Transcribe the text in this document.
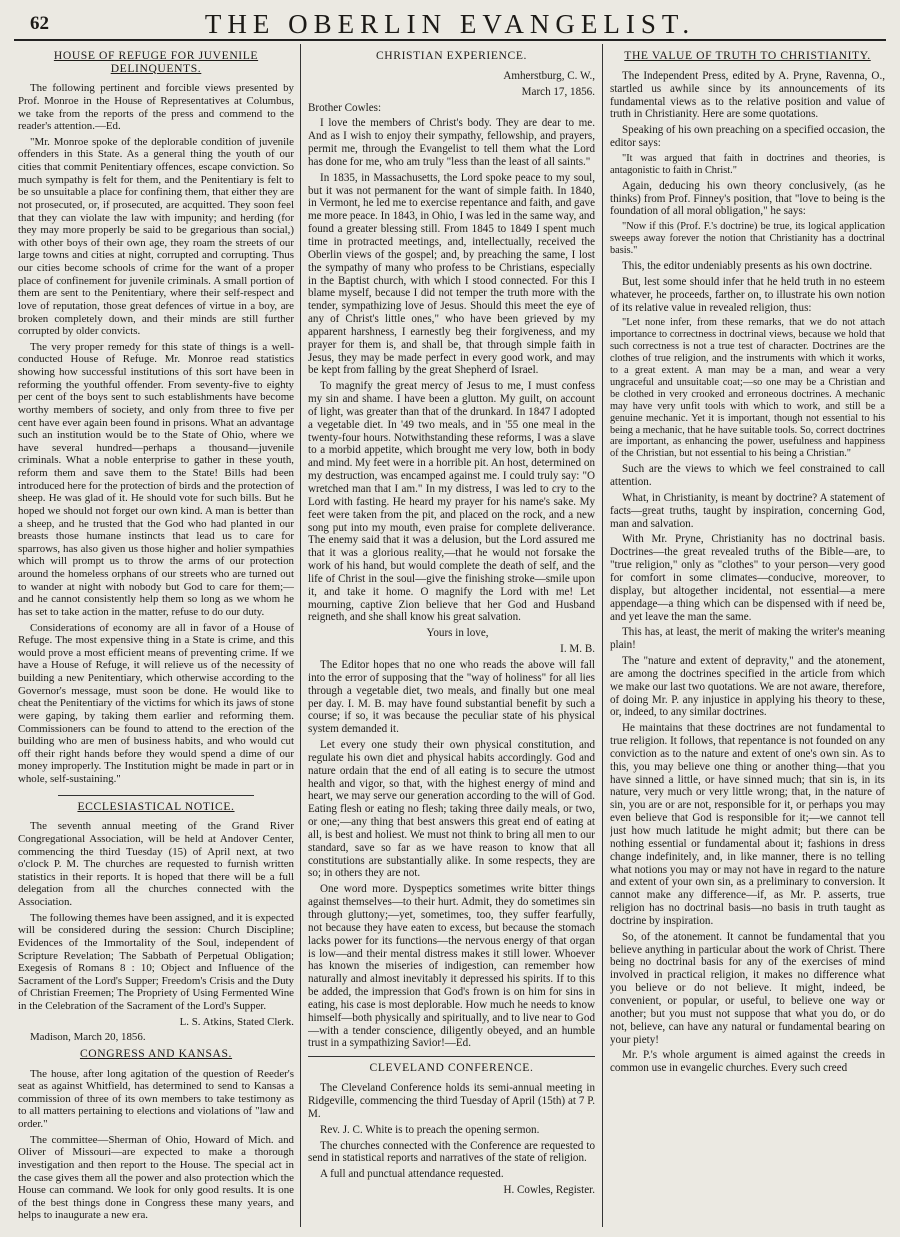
62	THE OBERLIN EVANGELIST.
HOUSE OF REFUGE FOR JUVENILE DELINQUENTS.

The following pertinent and forcible views presented by Prof. Monroe in the House of Representatives at Columbus, we take from the reports of the press and commend to the reader's attention.—Ed.

"Mr. Monroe spoke of the deplorable condition of juvenile offenders in this State. As a general thing the youth of our cities that commit Penitentiary offences, escape conviction. So much sympathy is felt for them, and the Penitentiary is felt to be so unsuitable a place for confining them, that either they are not prosecuted, or, if prosecuted, are acquitted. They soon feel that they can violate the law with impunity; and herding (for they may more properly be said to be gregarious than social,) with other boys of their own age, they roam the streets of our large towns and cities at night, corrupted and corrupting. Thus our cities become schools of crime for the want of a proper place of confinement for juvenile criminals. A small portion of them are sent to the Penitentiary, where their self-respect and love of reputation, those great defences of virtue in a boy, are broken completely down, and their minds are still further corrupted by older convicts.

The very proper remedy for this state of things is a well-conducted House of Refuge. Mr. Monroe read statistics showing how successful institutions of this sort have been in reforming the youthful offender. From seventy-five to eighty per cent of the boys sent to such establishments have become worthy members of society, and only from three to five per cent have ever again been found in prisons. What an advantage such an institution would be to the State of Ohio, where we have several hundred—perhaps a thousand—juvenile criminals. What a noble enterprise to gather in these youth, reform them and save them to the State! Bills had been introduced here for the protection of birds and the protection of sheep. He was glad of it. He should vote for such bills. But he hoped we should not forget our own kind. A man is better than a sheep, and he trusted that the God who had planted in our breasts those humane instincts that lead us to care for sparrows, has also given us those higher and holier sympathies which will prompt us to throw the arms of our protection around the homeless orphans of our streets who are turned out to wander at night with nobody but God to care for them;—and he cannot consistently help them so long as we whom he has set to take action in the matter, refuse to do our duty.

Considerations of economy are all in favor of a House of Refuge. The most expensive thing in a State is crime, and this would prove a most efficient means of preventing crime. If we have a House of Refuge, it will relieve us of the necessity of building a new Penitentiary, which otherwise according to the Governor's message, must soon be done. He would like to cheat the Penitentiary of the victims for which its jaws of stone were gaping, by taking them earlier and reforming them. Commissioners can be found to attend to the erection of the building who are men of business habits, and who would cut off their right hands before they would spend a dime of our money improperly. The Institution might be made in part or in whole, self-sustaining."

ECCLESIASTICAL NOTICE.

The seventh annual meeting of the Grand River Congregational Association, will be held at Andover Center, commencing the third Tuesday (15) of April next, at two o'clock P. M. The churches are requested to furnish written statistics in their reports. It is hoped that there will be a full delegation from all the churches connected with the Association.

The following themes have been assigned, and it is expected will be considered during the session: Church Discipline; Evidences of the Immortality of the Soul, independent of Scripture Revelation; The Sabbath of Perpetual Obligation; Exegesis of Romans 8 : 10; Object and Influence of the Sacrament of the Lord's Supper; Freedom's Crisis and the Duty of Christian Freemen; The Propriety of Using Fermented Wine in the Celebration of the Sacrament of the Lord's Supper.

L. S. Atkins, Stated Clerk.

Madison, March 20, 1856.

CONGRESS AND KANSAS.

The house, after long agitation of the question of Reeder's seat as against Whitfield, has determined to send to Kansas a commission of three of its own members to take testimony as to all matters pertaining to elections and violations of "law and order."

The committee—Sherman of Ohio, Howard of Mich. and Oliver of Missouri—are expected to make a thorough investigation and then report to the House. The special act in the case gives them all the power and also protection which the House can command. We look for only good results. It is one of the best things done in Congress these many years, and helps to inaugurate a new era.

CHRISTIAN EXPERIENCE.

Amherstburg, C. W.,

March 17, 1856.

Brother Cowles:

I love the members of Christ's body. They are dear to me. And as I wish to enjoy their sympathy, fellowship, and prayers, permit me, through the Evangelist to tell them what the Lord has done for me, who am truly "less than the least of all saints."

In 1835, in Massachusetts, the Lord spoke peace to my soul, but it was not permanent for the want of simple faith. In 1840, in Vermont, he led me to exercise repentance and faith, and gave me more peace. In 1843, in Ohio, I was led in the same way, and found a greater blessing still. From 1845 to 1849 I spent much time in protracted meetings, and, intellectually, received the Oberlin views of the gospel; and, by preaching the same, I lost the sympathy of many who profess to be Christians, especially in the Baptist church, with which I stood connected. For this I blame myself, because I did not temper the truth more with the tender, sympathizing love of Jesus. Should this meet the eye of any of Christ's little ones," who have been grieved by my apparent harshness, I earnestly beg their forgiveness, and my prayer for them is, and shall be, that through simple faith in Jesus, they may be made perfect in every good work, and may be kept from falling by the great Shepherd of Israel.

To magnify the great mercy of Jesus to me, I must confess my sin and shame. I have been a glutton. My guilt, on account of light, was greater than that of the drunkard. In 1847 I adopted a vegetable diet. In '49 two meals, and in '55 one meal in the twenty-four hours. Notwithstanding these reforms, I was a slave to a morbid appetite, which brought me very low, both in body and mind. My feet were in a horrible pit. An host, determined on my destruction, was encamped against me. I could truly say: "O wretched man that I am." In my distress, I was led to cry to the Lord with fasting. He heard my prayer for his name's sake. My feet were taken from the pit, and placed on the rock, and a new song put into my mouth, even praise for complete deliverance. The enemy said that it was a delusion, but the Lord assured me that it was a glorious reality,—that he would not forsake the work of his hand, but would complete the death of self, and the life of Christ in the soul—give the finishing stroke—smile upon it, and take it home. O magnify the Lord with me! Let mourning, captive Zion believe that her God and Husband reigneth, and she shall know his great salvation.

Yours in love,

I. M. B.

The Editor hopes that no one who reads the above will fall into the error of supposing that the "way of holiness" for all lies through a vegetable diet, two meals, and finally but one meal per day. I. M. B. may have found substantial benefit by such a course; if so, it was because the peculiar state of his physical system demanded it.

Let every one study their own physical constitution, and regulate his own diet and physical habits accordingly. God and nature ordain that the end of all eating is to secure the utmost health and vigor, so that, with the highest energy of mind and heart, we may serve our generation according to the will of God. Eating flesh or eating no flesh; taking three daily meals, or two, or one;—any thing that best answers this great end of eating at all, is best and holiest. We must not think to bring all men to our standard, save so far as we have reason to know that all constitutions are substantially alike. In some respects, they are so; in others they are not.

One word more. Dyspeptics sometimes write bitter things against themselves—to their hurt. Admit, they do sometimes sin through gluttony;—yet, sometimes, too, they suffer fearfully, not because they have eaten to excess, but because the stomach lacks power for its functions—the nervous energy of that organ is low—and their mental distress makes it still lower. Whoever has known the miseries of indigestion, can remember how naturally and almost inevitably it depressed his spirits. If to this be added, the impression that God's frown is on him for sins in eating, his case is most deplorable. How much he needs to know himself—both physically and spiritually, and to live near to God—with a tender conscience, diligently obeyed, and an humble trust in a sympathizing Savior!—Ed.

CLEVELAND CONFERENCE.

The Cleveland Conference holds its semi-annual meeting in Ridgeville, commencing the third Tuesday of April (15th) at 7 P. M.

Rev. J. C. White is to preach the opening sermon.

The churches connected with the Conference are requested to send in statistical reports and narratives of the state of religion.

A full and punctual attendance requested.

H. Cowles, Register.

THE VALUE OF TRUTH TO CHRISTIANITY.

The Independent Press, edited by A. Pryne, Ravenna, O., startled us awhile since by its announcements of its fundamental views as to the relative position and value of truth in Christianity. Here are some quotations.

Speaking of his own preaching on a specified occasion, the editor says:

"It was argued that faith in doctrines and theories, is antagonistic to faith in Christ."

Again, deducing his own theory conclusively, (as he thinks) from Prof. Finney's position, that "love to being is the foundation of all moral obligation," he says:

"Now if this (Prof. F.'s doctrine) be true, its logical application sweeps away forever the notion that Christianity has a doctrinal basis."

This, the editor undeniably presents as his own doctrine.

But, lest some should infer that he held truth in no esteem whatever, he proceeds, farther on, to illustrate his own notion of its relative value in revealed religion, thus:

"Let none infer, from these remarks, that we do not attach importance to correctness in doctrinal views, because we hold that such correctness is not a true test of character. Doctrines are the clothes of true religion, and the instruments with which it works, to a great extent. A man may be a man, and wear a very ungraceful and unsuitable coat;—so one may be a Christian and be clothed in very crooked and erroneous doctrines. A mechanic may have very unfit tools with which to work, and still be a genuine mechanic. Yet it is important, though not essential to his being a mechanic, that he have suitable tools. So, correct doctrines are important, as enhancing the power, usefulness and happiness of the Christian, but not essential to his being a Christian."

Such are the views to which we feel constrained to call attention.

What, in Christianity, is meant by doctrine? A statement of facts—great truths, taught by inspiration, concerning God, man and salvation.

With Mr. Pryne, Christianity has no doctrinal basis. Doctrines—the great revealed truths of the Bible—are, to "true religion," only as "clothes" to your person—very good for comfort in some climates—conducive, moreover, to display, but altogether incidental, not essential—a mere appendage—a thing which can be dispensed with if need be, and yet leave the man the same.

This has, at least, the merit of making the writer's meaning plain!

The "nature and extent of depravity," and the atonement, are among the doctrines specified in the article from which we make our last two quotations. We are not aware, therefore, of doing Mr. P. any injustice in applying his theory to these, or, indeed, to any similar doctrines.

He maintains that these doctrines are not fundamental to true religion. It follows, that repentance is not founded on any conviction as to the nature and extent of one's own sin. As to this, you may believe one thing or another thing—that you have sinned a little, or have sinned much; that sin is, in its nature, very much or very little wrong; that, in the nature of sin, you are or are not, responsible for it, or perhaps you may even believe that God is responsible for it;—we cannot tell just how much latitude he might admit; but there can be nothing essential or fundamental about it; fashions in dress change indefinitely, and, in like manner, there is no telling what notions you may or may not have in regard to the nature and extent of your own sin, as a preliminary to conversion. It cannot make any difference—if, as Mr. P. asserts, true religion has no doctrinal basis—no basis in truth taught as doctrine by inspiration.

So, of the atonement. It cannot be fundamental that you believe anything in particular about the work of Christ. There being no doctrinal basis for any of the exercises of mind involved in practical religion, it makes no difference what you believe or do not believe. It might, indeed, be convenient, or popular, or useful, to believe one way or another; but you must not suppose that what you do, or do not, believe, can have any natural or fundamental bearing on your piety!

Mr. P.'s whole argument is aimed against the creeds in common use in evangelic churches. Every such creed
